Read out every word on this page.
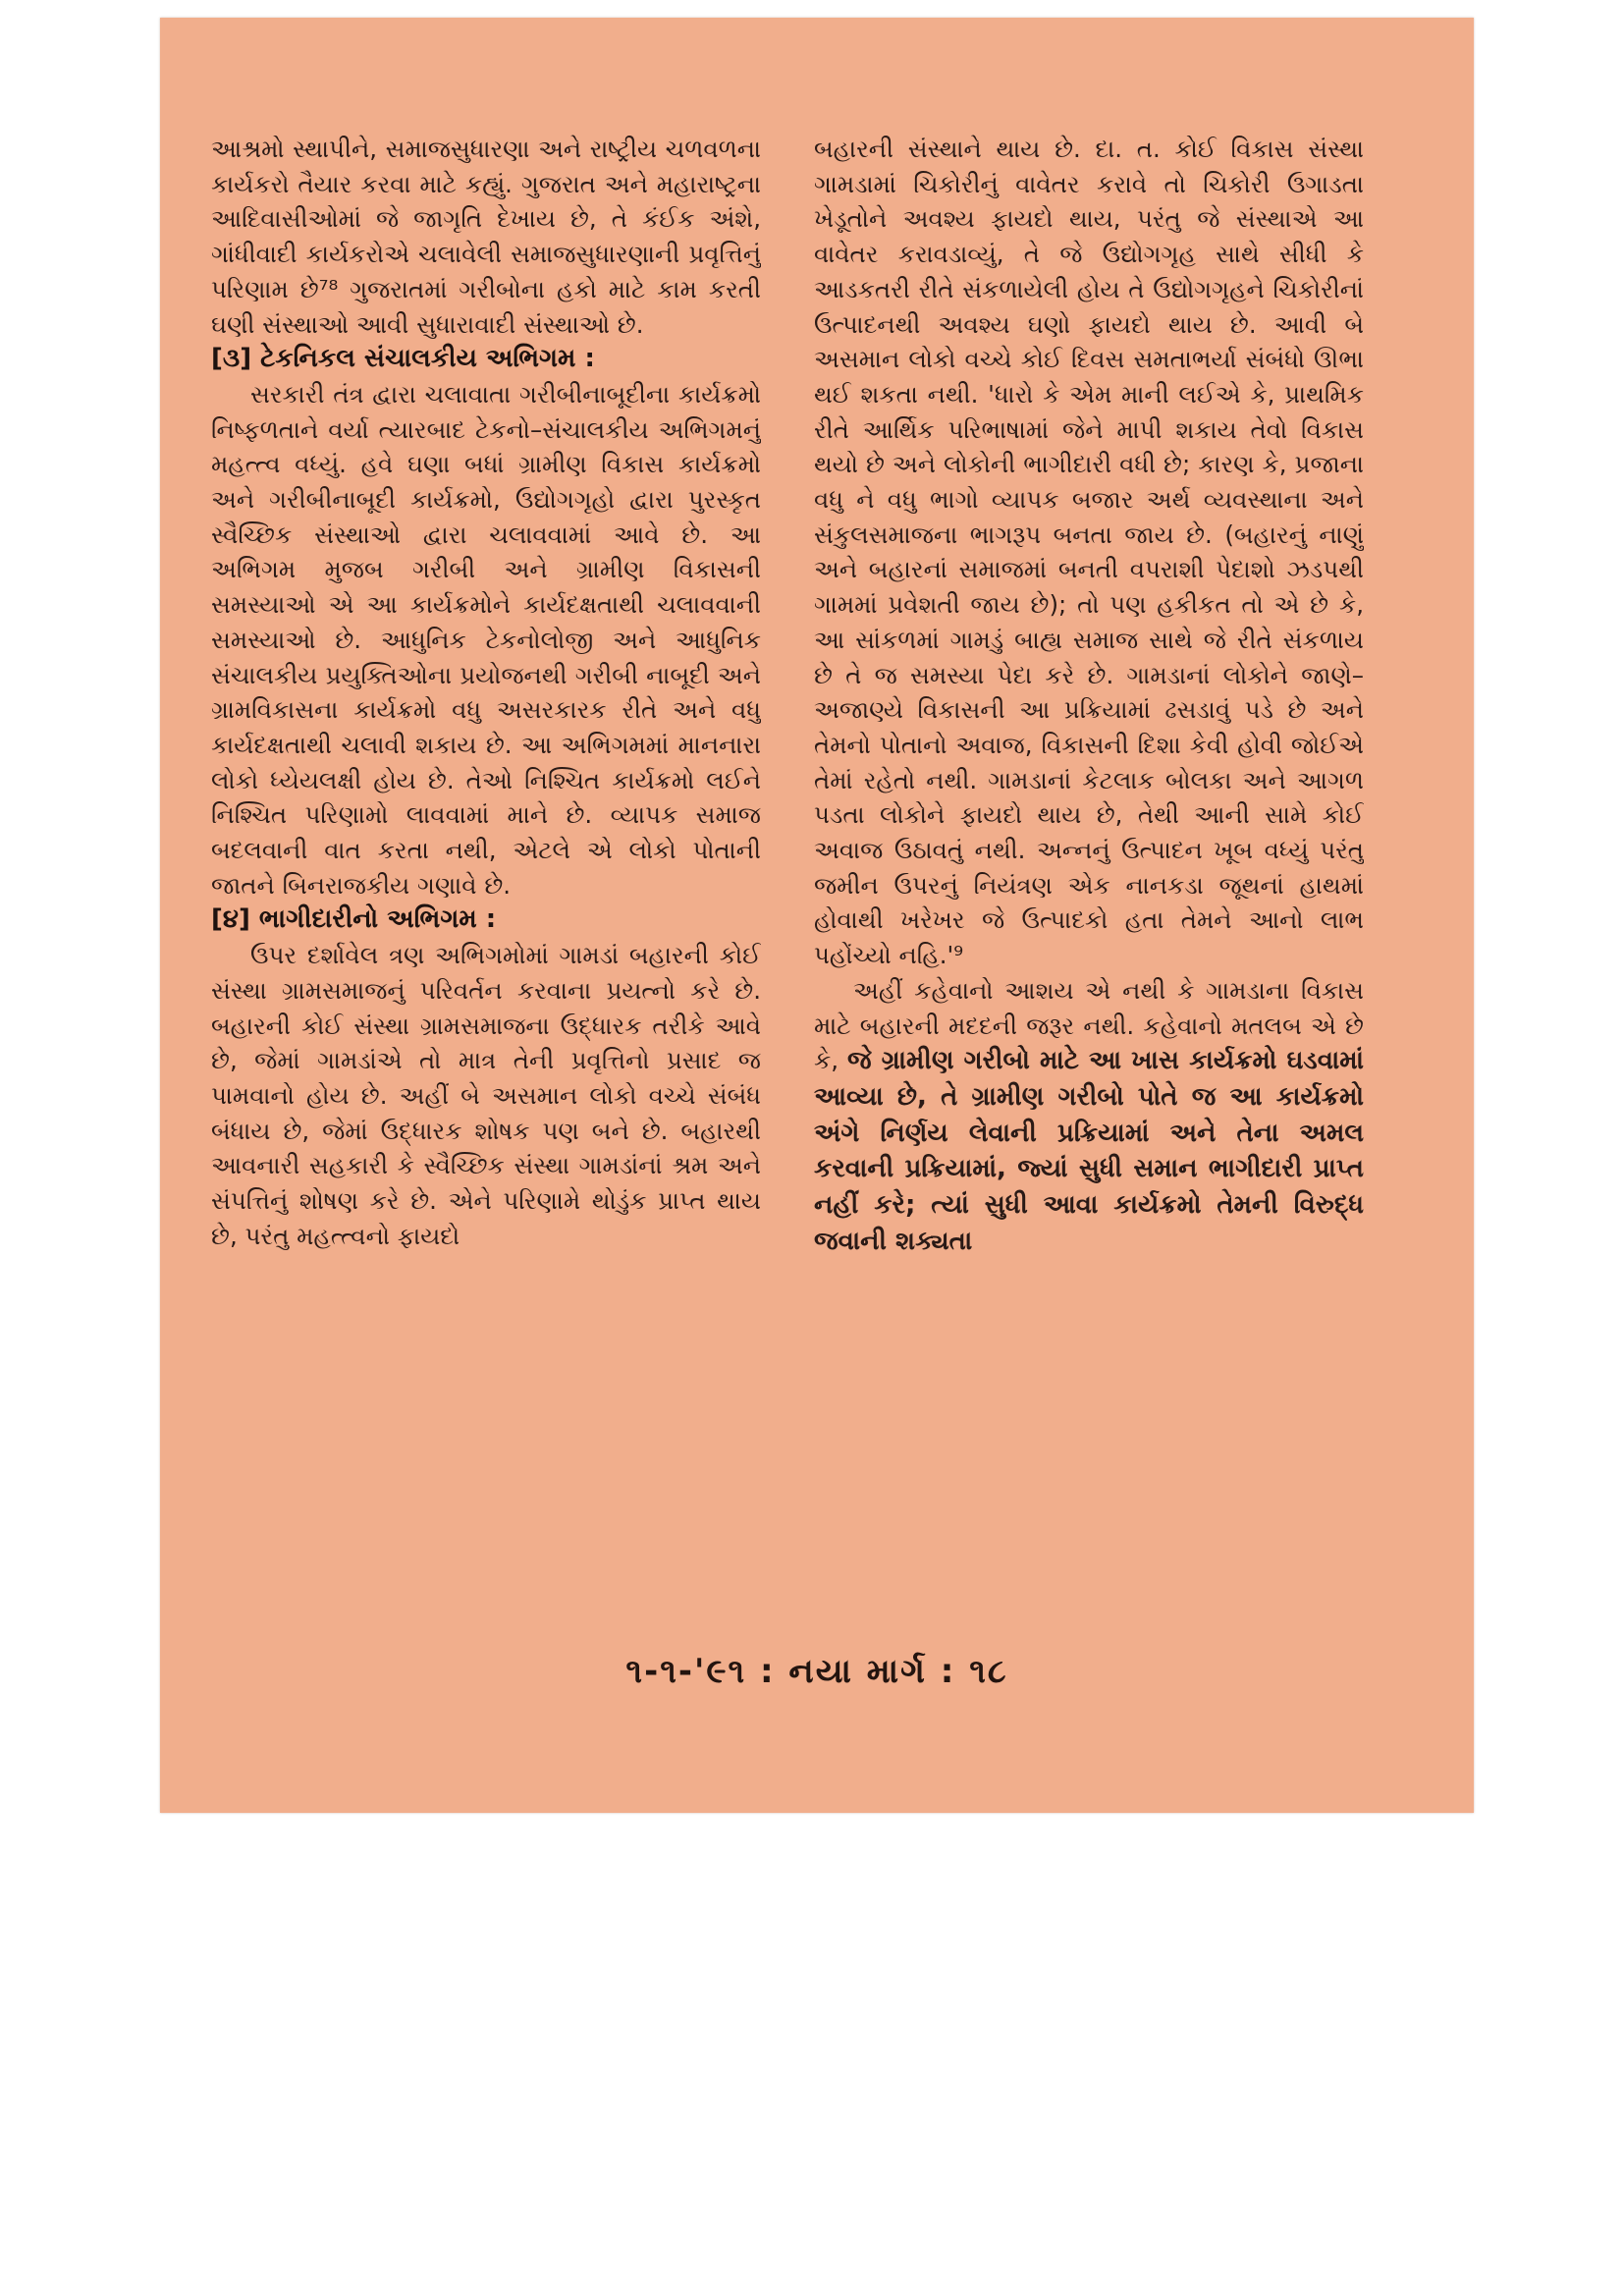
આશ્રમો સ્થાપીને, સમાજસુધારણા અને રાષ્ટ્રીય ચળવળના કાર્યકરો તૈયાર કરવા માટે કહ્યું. ગુજરાત અને મહારાષ્ટ્રના આદિવાસીઓમાં જે જાગૃતિ દેખાય છે, તે કંઈક અંશે, ગાંધીવાદી કાર્યકરોએ ચલાવેલી સમાજસુધારણાની પ્રવૃત્તિનું પરિણામ છે⁷⁸ ગુજરાતમાં ગરીબોના હકો માટે કામ કરતી ઘણી સંસ્થાઓ આવી સુધારાવાદી સંસ્થાઓ છે.

[૩] ટેકનિકલ સંચાલકીય અભિગમ :

સરકારી તંત્ર દ્વારા ચલાવાતા ગરીબીનાબૂદીના કાર્યક્રમો નિષ્ફળતાને વર્યા ત્યારબાદ ટેકનો–સંચાલકીય અભિગમનું મહત્ત્વ વધ્યું. હવે ઘણા બધાં ગ્રામીણ વિકાસ કાર્યક્રમો અને ગરીબીનાબૂદી કાર્યક્રમો, ઉદ્યોગગૃહો દ્વારા પુરસ્કૃત સ્વૈચ્છિક સંસ્થાઓ દ્વારા ચલાવવામાં આવે છે. આ અભિગમ મુજબ ગરીબી અને ગ્રામીણ વિકાસની સમસ્યાઓ એ આ કાર્યક્રમોને કાર્યદક્ષતાથી ચલાવવાની સમસ્યાઓ છે. આધુનિક ટેકનોલોજી અને આધુનિક સંચાલકીય પ્રયુક્તિઓના પ્રયોજનથી ગરીબી નાબૂદી અને ગ્રામવિકાસના કાર્યક્રમો વધુ અસરકારક રીતે અને વધુ કાર્યદક્ષતાથી ચલાવી શકાય છે. આ અભિગમમાં માનનારા લોકો ધ્યેયલક્ષી હોય છે. તેઓ નિશ્ચિત કાર્યક્રમો લઈને નિશ્ચિત પરિણામો લાવવામાં માને છે. વ્યાપક સમાજ બદલવાની વાત કરતા નથી, એટલે એ લોકો પોતાની જાતને બિનરાજકીય ગણાવે છે.

[૪] ભાગીદારીનો અભિગમ :

ઉપર દર્શાવેલ ત્રણ અભિગમોમાં ગામડાં બહારની કોઈ સંસ્થા ગ્રામસમાજનું પરિવર્તન કરવાના પ્રયત્નો કરે છે. બહારની કોઈ સંસ્થા ગ્રામસમાજના ઉદ્ધારક તરીકે આવે છે, જેમાં ગામડાંએ તો માત્ર તેની પ્રવૃત્તિનો પ્રસાદ જ પામવાનો હોય છે. અહીં બે અસમાન લોકો વચ્ચે સંબંધ બંધાય છે, જેમાં ઉદ્ધારક શોષક પણ બને છે. બહારથી આવનારી સહકારી કે સ્વૈચ્છિક સંસ્થા ગામડાંનાં શ્રમ અને સંપત્તિનું શોષણ કરે છે. એને પરિણામે થોડુંક પ્રાપ્ત થાય છે, પરંતુ મહત્ત્વનો ફાયદો

બહારની સંસ્થાને થાય છે. દા. ત. કોઈ વિકાસ સંસ્થા ગામડામાં ચિકોરીનું વાવેતર કરાવે તો ચિકોરી ઉગાડતા ખેડૂતોને અવશ્ય ફાયદો થાય, પરંતુ જે સંસ્થાએ આ વાવેતર કરાવડાવ્યું, તે જે ઉદ્યોગગૃહ સાથે સીધી કે આડકતરી રીતે સંકળાયેલી હોય તે ઉદ્યોગગૃહને ચિકોરીનાં ઉત્પાદનથી અવશ્ય ઘણો ફાયદો થાય છે. આવી બે અસમાન લોકો વચ્ચે કોઈ દિવસ સમતાભર્યા સંબંધો ઊભા થઈ શકતા નથી. 'ધારો કે એમ માની લઈએ કે, પ્રાથમિક રીતે આર્થિક પરિભાષામાં જેને માપી શકાય તેવો વિકાસ થયો છે અને લોકોની ભાગીદારી વધી છે; કારણ કે, પ્રજાના વધુ ને વધુ ભાગો વ્યાપક બજાર અર્થ વ્યવસ્થાના અને સંકુલસમાજના ભાગરૂપ બનતા જાય છે. (બહારનું નાણું અને બહારનાં સમાજમાં બનતી વપરાશી પેદાશો ઝડપથી ગામમાં પ્રવેશતી જાય છે); તો પણ હકીકત તો એ છે કે, આ સાંકળમાં ગામડું બાહ્ય સમાજ સાથે જે રીતે સંકળાય છે તે જ સમસ્યા પેદા કરે છે. ગામડાનાં લોકોને જાણે–અજાણ્યે વિકાસની આ પ્રક્રિયામાં ઢસડાવું પડે છે અને તેમનો પોતાનો અવાજ, વિકાસની દિશા કેવી હોવી જોઈએ તેમાં રહેતો નથી. ગામડાનાં કેટલાક બોલકા અને આગળ પડતા લોકોને ફાયદો થાય છે, તેથી આની સામે કોઈ અવાજ ઉઠાવતું નથી. અન્નનું ઉત્પાદન ખૂબ વધ્યું પરંતુ જમીન ઉપરનું નિયંત્રણ એક નાનકડા જૂથનાં હાથમાં હોવાથી ખરેખર જે ઉત્પાદકો હતા તેમને આનો લાભ પહોંચ્યો નહિ.'⁹

અહીં કહેવાનો આશય એ નથી કે ગામડાના વિકાસ માટે બહારની મદદની જરૂર નથી. કહેવાનો મતલબ એ છે કે, જે ગ્રામીણ ગરીબો માટે આ ખાસ કાર્યક્રમો ઘડવામાં આવ્યા છે, તે ગ્રામીણ ગરીબો પોતે જ આ કાર્યક્રમો અંગે નિર્ણય લેવાની પ્રક્રિયામાં અને તેના અમલ કરવાની પ્રક્રિયામાં, જ્યાં સુધી સમાન ભાગીદારી પ્રાપ્ત નહીં કરે; ત્યાં સુધી આવા કાર્યક્રમો તેમની વિરુદ્ધ જવાની શક્યતા

૧-૧-'૯૧ : નયા માર્ગ : ૧૮
